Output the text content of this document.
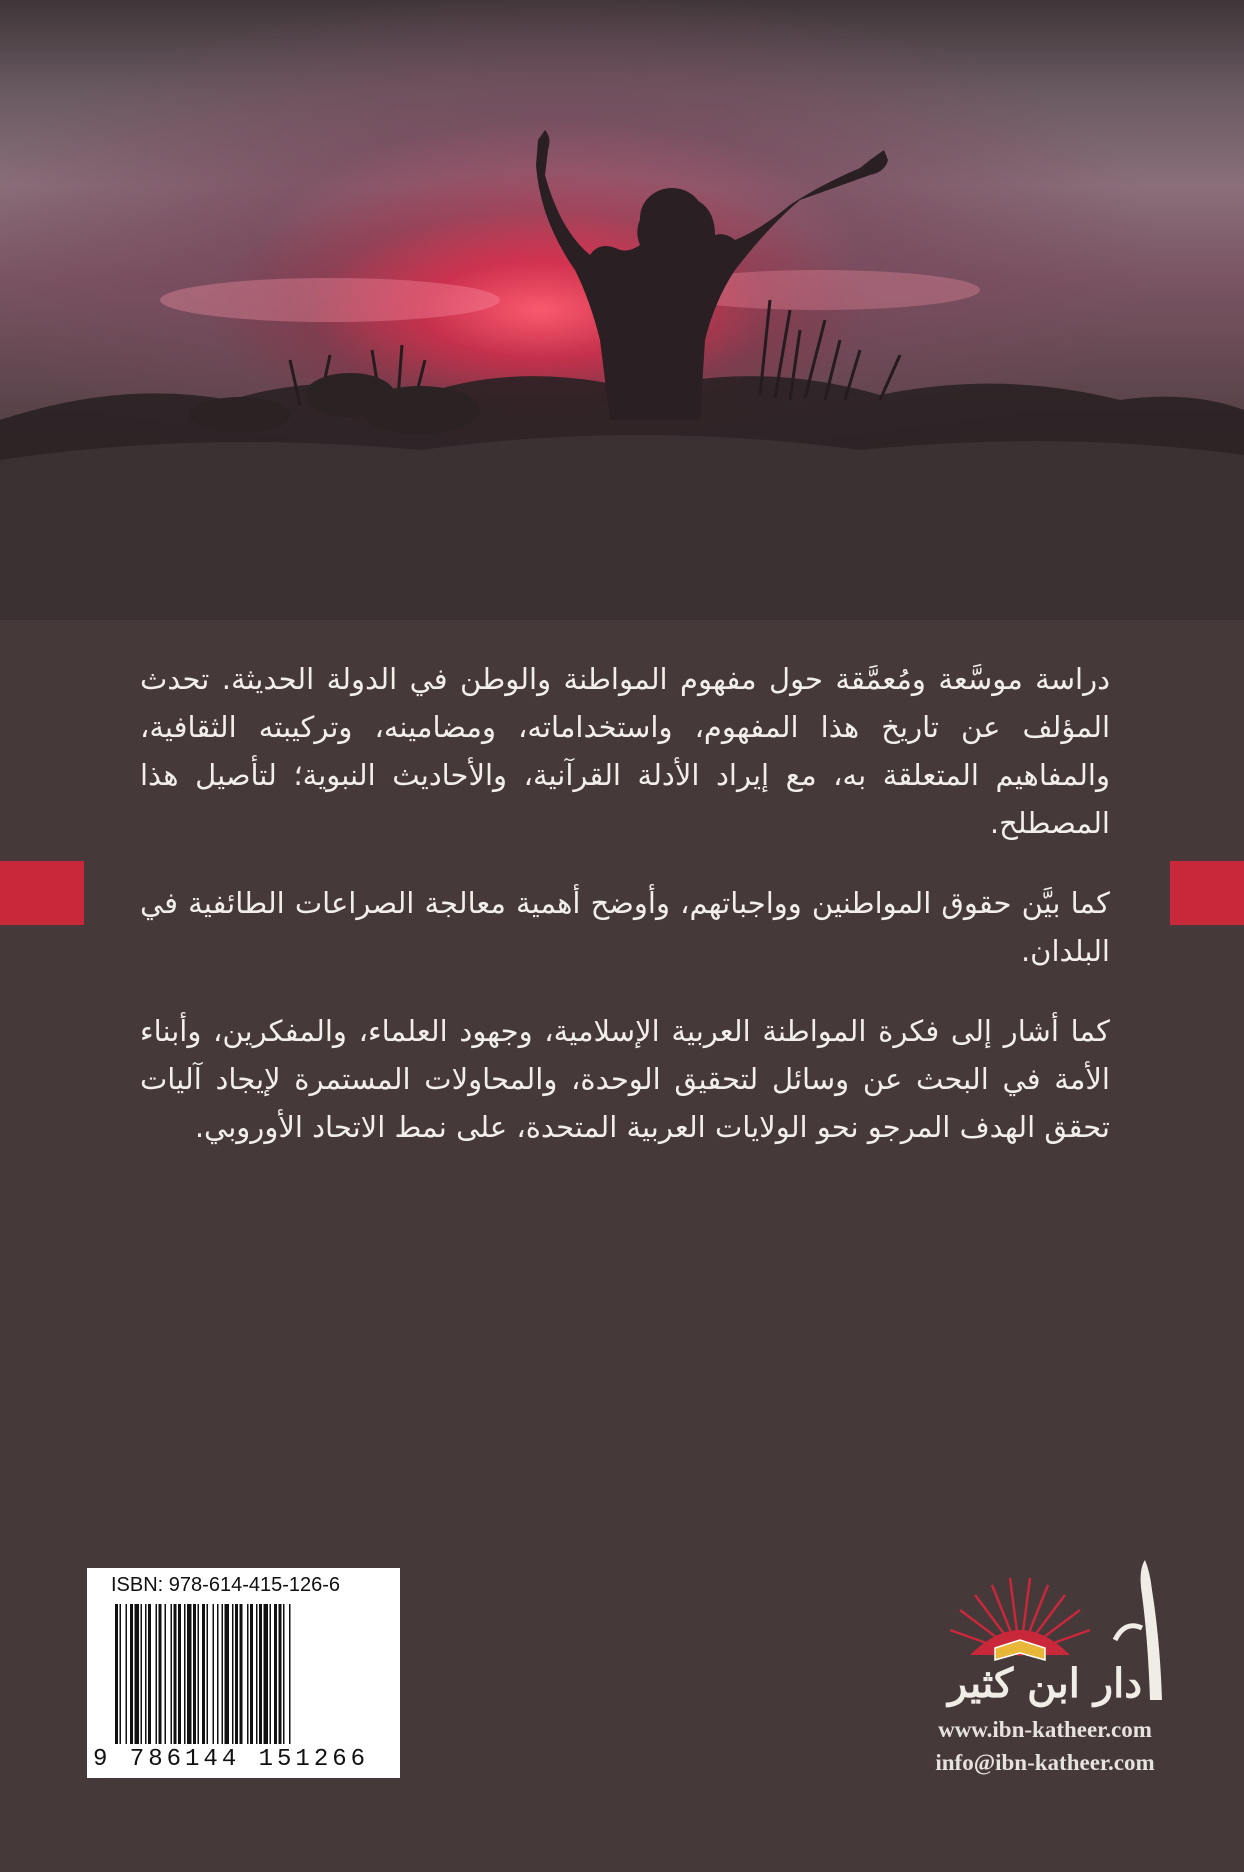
دراسة موسَّعة ومُعمَّقة حول مفهوم المواطنة والوطن في الدولة الحديثة. تحدث المؤلف عن تاريخ هذا المفهوم، واستخداماته، ومضامينه، وتركيبته الثقافية، والمفاهيم المتعلقة به، مع إيراد الأدلة القرآنية، والأحاديث النبوية؛ لتأصيل هذا المصطلح.

كما بيَّن حقوق المواطنين وواجباتهم، وأوضح أهمية معالجة الصراعات الطائفية في البلدان.

كما أشار إلى فكرة المواطنة العربية الإسلامية، وجهود العلماء، والمفكرين، وأبناء الأمة في البحث عن وسائل لتحقيق الوحدة، والمحاولات المستمرة لإيجاد آليات تحقق الهدف المرجو نحو الولايات العربية المتحدة، على نمط الاتحاد الأوروبي.

ISBN: 978-614-415-126-6
9 786144 151266
دار ابن كثير
www.ibn-katheer.com
info@ibn-katheer.com
